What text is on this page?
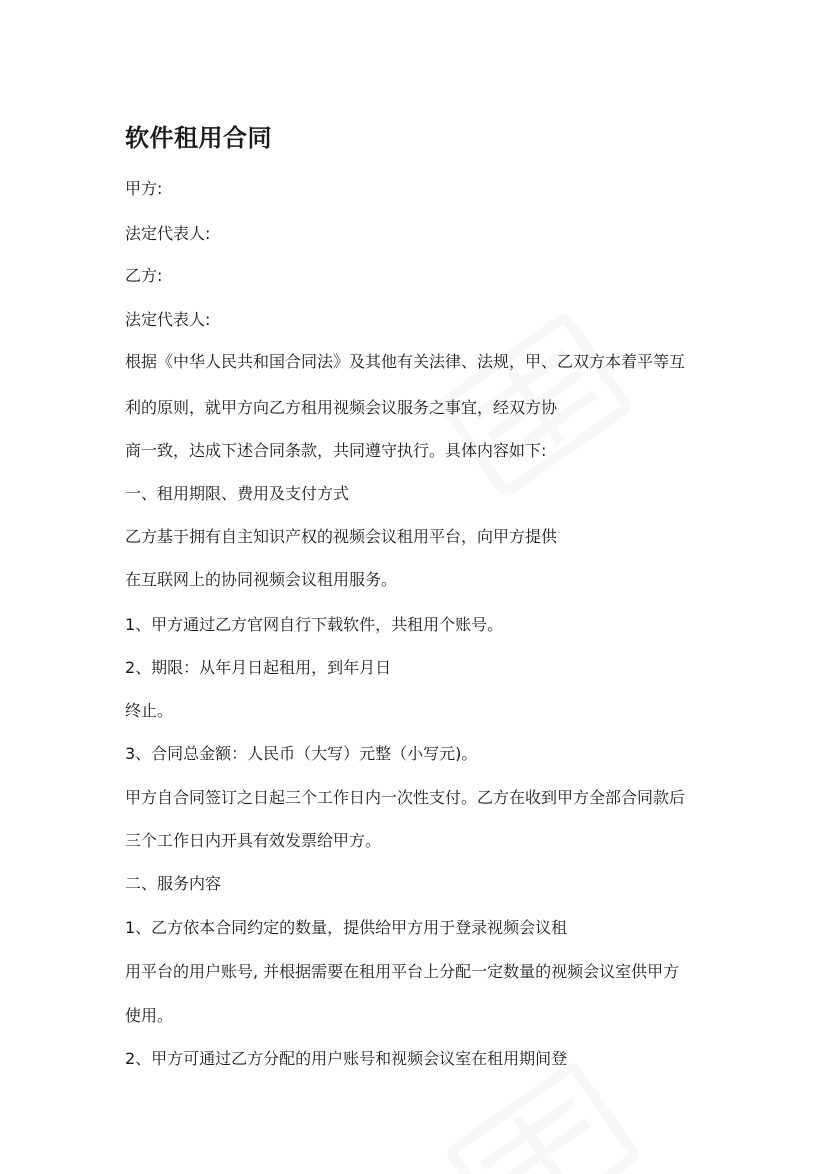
软件租用合同

甲方:

法定代表人:

乙方:

法定代表人:

根据《中华人民共和国合同法》及其他有关法律、法规，甲、乙双方本着平等互

利的原则，就甲方向乙方租用视频会议服务之事宜，经双方协

商一致，达成下述合同条款，共同遵守执行。具体内容如下:

一、租用期限、费用及支付方式

乙方基于拥有自主知识产权的视频会议租用平台，向甲方提供

在互联网上的协同视频会议租用服务。

1、甲方通过乙方官网自行下载软件，共租用个账号。

2、期限：从年月日起租用，到年月日

终止。

3、合同总金额：人民币（大写）元整（小写元)。

甲方自合同签订之日起三个工作日内一次性支付。乙方在收到甲方全部合同款后

三个工作日内开具有效发票给甲方。

二、服务内容

1、乙方依本合同约定的数量，提供给甲方用于登录视频会议租

用平台的用户账号, 并根据需要在租用平台上分配一定数量的视频会议室供甲方

使用。

2、甲方可通过乙方分配的用户账号和视频会议室在租用期间登
